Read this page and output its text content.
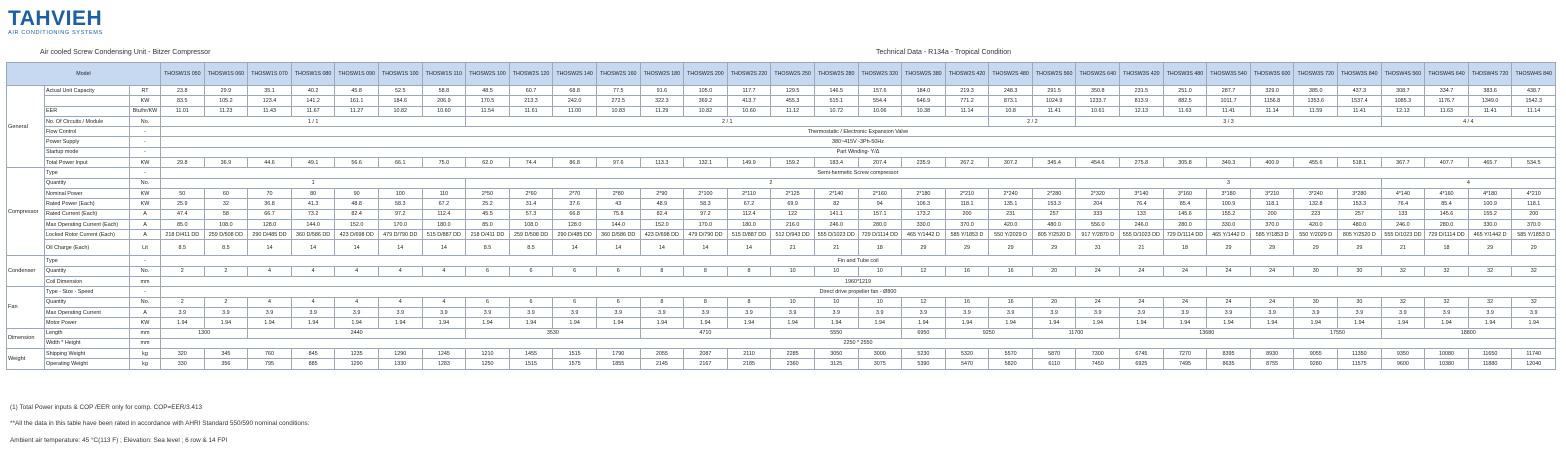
TAHVIEH
AIR CONDITIONING SYSTEMS
Air cooled Screw Condensing Unit - Bitzer Compressor	Technical Data - R134a - Tropical Condition
Model			THOSW1S 050	THOSW1S 060	THOSW1S 070	THOSW1S 080	THOSW1S 090	THOSW1S 100	THOSW1S 110	THOSW2S 100	THOSW2S 120	THOSW2S 140	THOSW2S 160	THOSW2S 180	THOSW2S 200	THOSW2S 220	THOSW2S 250	THOSW2S 280	THOSW2S 320	THOSW2S 380	THOSW2S 420	THOSW2S 480	THOSW2S 560	THOSW2S 640	THOSW3S 420	THOSW3S 480	THOSW3S 540	THOSW3S 600	THOSW3S 720	THOSW3S 840	THOSW4S 560	THOSW4S 640	THOSW4S 720	THOSW4S 840
General	Actual Unit Capacity	RT	23.8	29.9	35.1	40.2	45.8	52.5	58.8	48.5	60.7	68.8	77.5	91.6	105.0	117.7	129.5	146.5	157.6	184.0	219.3	248.3	291.5	350.8	231.5	251.0	287.7	329.0	385.0	437.3	308.7	334.7	383.6	438.7
		KW	83.5	105.2	123.4	141.2	161.1	184.6	206.9	170.5	213.3	242.0	272.5	322.3	369.2	413.7	455.3	515.1	554.4	646.9	771.2	873.1	1024.9	1233.7	813.9	882.5	1011.7	1156.8	1353.6	1537.4	1085.3	1176.7	1349.0	1542.3
	EER	Btu/hr/KW	11.01	11.23	11.43	11.67	11.27	10.82	10.60	11.54	11.61	11.00	10.83	11.29	10.82	10.60	11.12	10.72	10.06	10.38	11.14	10.8	11.41	10.61	12.13	11.63	11.41	11.14	11.59	11.41	12.13	11.63	11.41	11.14
	No. Of Circuits / Module	No.	1 / 1							2 / 1												2 / 2		3 / 3							4 / 4			
	Flow Control	-	Thermostatic / Electronic Expansion Valve																															
	Power Supply	-	380~415V -3Ph-50Hz																															
	Startup mode	-	Part Winding- Y/Δ																															
	Total Power Input	KW	29.8	36.9	44.6	49.1	56.6	66.1	75.0	62.0	74.4	86.8	97.6	113.3	132.1	149.9	159.2	183.4	207.4	235.9	267.2	307.2	345.4	454.6	275.8	305.8	349.3	400.9	455.6	518.1	367.7	407.7	465.7	534.5
Compressor	Type	-	Semi-hermetic Screw compressor																															
	Quantity	No.	1							2														3							4			
	Nominal Power	KW	50	60	70	80	90	100	110	2*50	2*60	2*70	2*80	2*90	2*100	2*110	2*125	2*140	2*160	2*180	2*210	2*240	2*280	2*320	3*140	3*160	3*180	3*210	3*240	3*280	4*140	4*160	4*180	4*210
	Rated Power (Each)	KW	25.9	32	36.8	41.3	48.8	58.3	67.2	25.2	31.4	37.6	43	48.9	58.3	67.2	69.9	82	94	106.3	118.1	135.1	153.3	204	76.4	85.4	100.9	118.1	132.8	153.3	76.4	85.4	100.9	118.1
	Rated Current (Each)	A	47.4	58	66.7	73.2	82.4	97.2	112.4	45.5	57.3	66.8	75.8	82.4	97.2	112.4	122	141.1	157.1	173.2	200	231	257	333	133	145.6	155.2	200	223	257	133	145.6	155.2	200
	Max Operating Current (Each)	A	85.0	108.0	128.0	144.0	152.0	170.0	180.0	85.0	108.0	128.0	144.0	152.0	170.0	180.0	216.0	246.0	280.0	330.0	370.0	420.0	480.0	556.0	246.0	280.0	330.0	370.0	420.0	480.0	246.0	280.0	330.0	370.0
	Locked Rotor Current (Each)	A	218 D/411 DD	259 D/508 DD	290 D/485 DD	360 D/586 DD	423 D/698 DD	479 D/790 DD	515 D/887 DD	218 D/411 DD	259 D/508 DD	290 D/485 DD	360 D/586 DD	423 D/698 DD	479 D/790 DD	515 D/887 DD	512 D/943 DD	555 D/1023 DD	729 D/1114 DD	465 Y/1442 D	585 Y/1853 D	550 Y/2029 D	805 Y/2520 D	917 Y/2870 D	555 D/1023 DD	729 D/1114 DD	465 Y/1442 D	585 Y/1853 D	550 Y/2029 D	805 Y/2520 D	555 D/1023 DD	729 D/1114 DD	465 Y/1442 D	585 Y/1853 D
	Oil Charge (Each)	Lit	8.5	8.5	14	14	14	14	14	8.5	8.5	14	14	14	14	14	21	21	18	29	29	29	29	31	21	18	29	29	29	29	21	18	29	29
Condenser	Type	-	Fin and Tube coil																															
	Quantity	No.	2	2	4	4	4	4	4	6	6	6	6	8	8	8	10	10	10	12	16	16	20	24	24	24	24	24	30	30	32	32	32	32
	Coil Dimension	mm	1960*1219																															
Fan	Type - Size - Speed	-	Direct drive propeller fan - Ø800																															
	Quantity	No.	2	2	4	4	4	4	4	6	6	6	6	8	8	8	10	10	10	12	16	16	20	24	24	24	24	24	30	30	32	32	32	32
	Max Operating Current	A	3.9	3.9	3.9	3.9	3.9	3.9	3.9	3.9	3.9	3.9	3.9	3.9	3.9	3.9	3.9	3.9	3.9	3.9	3.9	3.9	3.9	3.9	3.9	3.9	3.9	3.9	3.9	3.9	3.9	3.9	3.9	3.9
	Motor Power	KW	1.94	1.94	1.94	1.94	1.94	1.94	1.94	1.94	1.94	1.94	1.94	1.94	1.94	1.94	1.94	1.94	1.94	1.94	1.94	1.94	1.94	1.94	1.94	1.94	1.94	1.94	1.94	1.94	1.94	1.94	1.94	1.94
Dimension	Length	mm	1300		2440					3530				4710			5550			6950	9250		11700		13680				17550		18800			
	Width * Height	mm	2250 * 2550																															
Weight	Shipping Weight	kg	320	345	760	845	1235	1290	1245	1210	1455	1515	1790	2055	2087	2110	2285	3050	3000	5230	5320	5570	5870	7300	6745	7270	8395	8930	9055	11350	9350	10080	11650	11740
	Operating Weight	kg	330	356	795	885	1290	1330	1283	1250	1515	1575	1855	2145	2167	2185	2360	3125	3075	5390	5470	5820	6110	7450	6925	7495	8635	8755	9280	11575	9600	10380	11880	12040
(1) Total Power inputs & COP /EER only for comp. COP=EER/3.413
**All the data in this table have been rated in accordance with AHRI Standard 550/590 nominal conditions:
Ambient air temperature: 45 °C(113 F) ; Elevation: Sea level ; 6 row & 14 FPI
